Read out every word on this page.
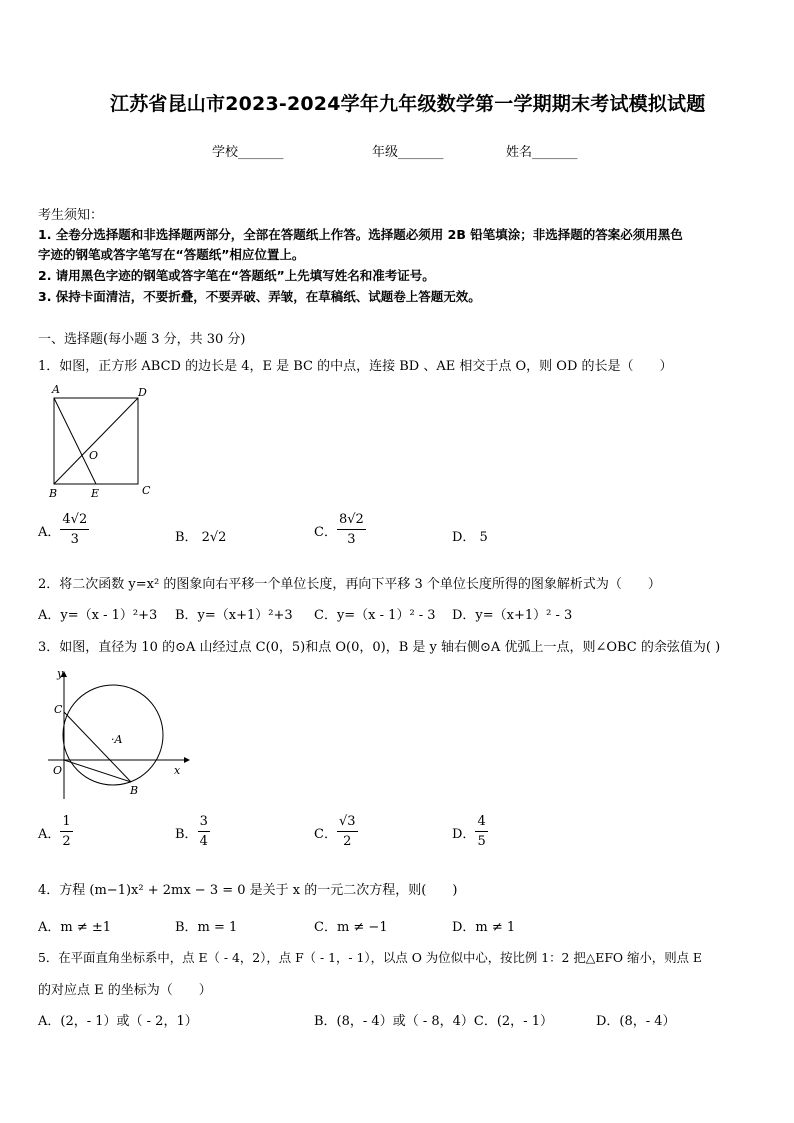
江苏省昆山市2023-2024学年九年级数学第一学期期末考试模拟试题
学校_______	年级_______	姓名_______
考生须知：
1. 全卷分选择题和非选择题两部分，全部在答题纸上作答。选择题必须用 2B 铅笔填涂；非选择题的答案必须用黑色
字迹的钢笔或答字笔写在“答题纸”相应位置上。
2. 请用黑色字迹的钢笔或答字笔在“答题纸”上先填写姓名和准考证号。
3. 保持卡面清洁，不要折叠，不要弄破、弄皱，在草稿纸、试题卷上答题无效。
一、选择题(每小题 3 分，共 30 分)
1．如图，正方形 ABCD 的边长是 4，E 是 BC 的中点，连接 BD 、AE 相交于点 O，则 OD 的长是（　　）
A	D
O
B	E	C
A． $\frac{4√2}{3}$	B． 2√2	C． $\frac{8√2}{3}$	D． 5
2．将二次函数 y=x² 的图象向右平移一个单位长度，再向下平移 3 个单位长度所得的图象解析式为（　　）
A．y=（x - 1）²+3 B．y=（x+1）²+3 C．y=（x - 1）² - 3 D．y=（x+1）² - 3
3．如图，直径为 10 的⊙A 山经过点 C(0，5)和点 O(0，0)，B 是 y 轴右侧⊙A 优弧上一点，则∠OBC 的余弦值为( )
y
x
C
·A
O
B
A． $\frac{1}{2}$	B． $\frac{3}{4}$	C． $\frac{√3}{2}$	D． $\frac{4}{5}$
4．方程 (m−1)x² + 2mx − 3 = 0 是关于 x 的一元二次方程，则(　　)
A．m ≠ ±1	B．m = 1	C．m ≠ −1	D．m ≠ 1
5．在平面直角坐标系中，点 E（ - 4，2），点 F（ - 1，- 1），以点 O 为位似中心，按比例 1：2 把△EFO 缩小，则点 E
的对应点 E 的坐标为（　　）
A．(2，- 1）或（ - 2，1）	B．(8，- 4）或（ - 8，4）C．(2，- 1）	D．(8，- 4）
